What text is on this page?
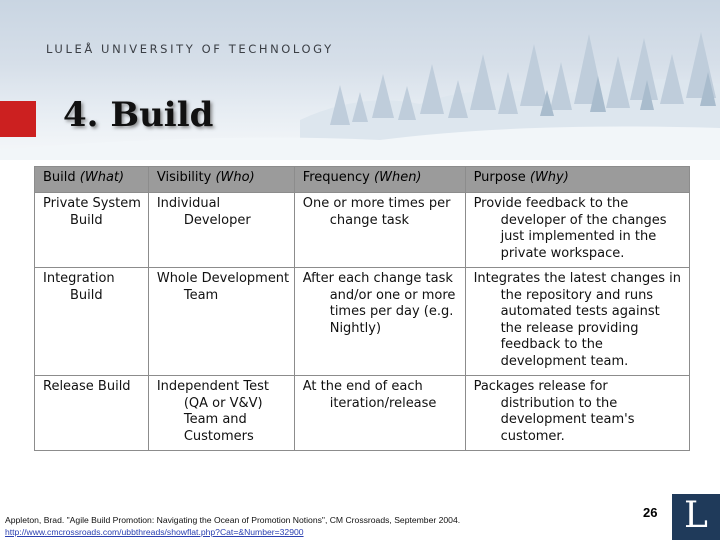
LULEÅ UNIVERSITY OF TECHNOLOGY
4. Build
Build (What)	Visibility (Who)	Frequency (When)	Purpose (Why)

Private System Build	Individual Developer	One or more times per change task	Provide feedback to the developer of the changes just implemented in the private workspace.

Integration Build	Whole Development Team	After each change task and/or one or more times per day (e.g. Nightly)	Integrates the latest changes in the repository and runs automated tests against the release providing feedback to the development team.

Release Build	Independent Test (QA or V&V) Team and Customers	At the end of each iteration/release	Packages release for distribution to the development team's customer.
Appleton, Brad. "Agile Build Promotion: Navigating the Ocean of Promotion Notions", CM Crossroads, September 2004.
http://www.cmcrossroads.com/ubbthreads/showflat.php?Cat=&Number=32900
26 L
